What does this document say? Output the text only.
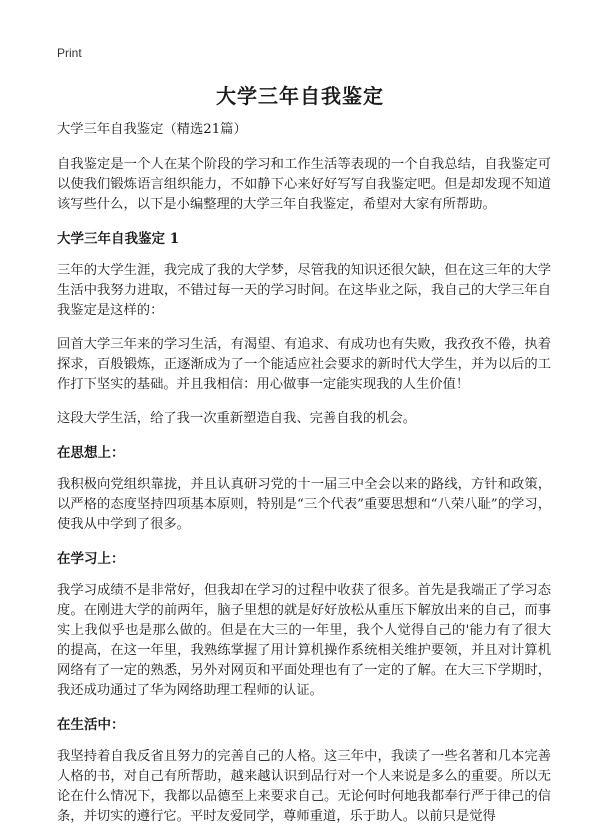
Print
大学三年自我鉴定

大学三年自我鉴定（精选21篇）

自我鉴定是一个人在某个阶段的学习和工作生活等表现的一个自我总结，自我鉴定可以使我们锻炼语言组织能力，不如静下心来好好写写自我鉴定吧。但是却发现不知道该写些什么，以下是小编整理的大学三年自我鉴定，希望对大家有所帮助。

大学三年自我鉴定 1

三年的大学生涯，我完成了我的大学梦，尽管我的知识还很欠缺，但在这三年的大学生活中我努力进取，不错过每一天的学习时间。在这毕业之际，我自己的大学三年自我鉴定是这样的：

回首大学三年来的学习生活，有渴望、有追求、有成功也有失败，我孜孜不倦，执着探求，百般锻炼，正逐渐成为了一个能适应社会要求的新时代大学生，并为以后的工作打下坚实的基础。并且我相信：用心做事一定能实现我的人生价值！

这段大学生活，给了我一次重新塑造自我、完善自我的机会。

在思想上：

我积极向党组织靠拢，并且认真研习党的十一届三中全会以来的路线，方针和政策，以严格的态度坚持四项基本原则，特别是“三个代表”重要思想和“八荣八耻”的学习，使我从中学到了很多。

在学习上：

我学习成绩不是非常好，但我却在学习的过程中收获了很多。首先是我端正了学习态度。在刚进大学的前两年，脑子里想的就是好好放松从重压下解放出来的自己，而事实上我似乎也是那么做的。但是在大三的一年里，我个人觉得自己的'能力有了很大的提高，在这一年里，我熟练掌握了用计算机操作系统相关维护要领，并且对计算机网络有了一定的熟悉，另外对网页和平面处理也有了一定的了解。在大三下学期时，我还成功通过了华为网络助理工程师的认证。

在生活中：

我坚持着自我反省且努力的完善自己的人格。这三年中，我读了一些名著和几本完善人格的书，对自己有所帮助，越来越认识到品行对一个人来说是多么的重要。所以无论在什么情况下，我都以品德至上来要求自己。无论何时何地我都奉行严于律己的信条，并切实的遵行它。平时友爱同学，尊师重道，乐于助人。以前只是觉得
